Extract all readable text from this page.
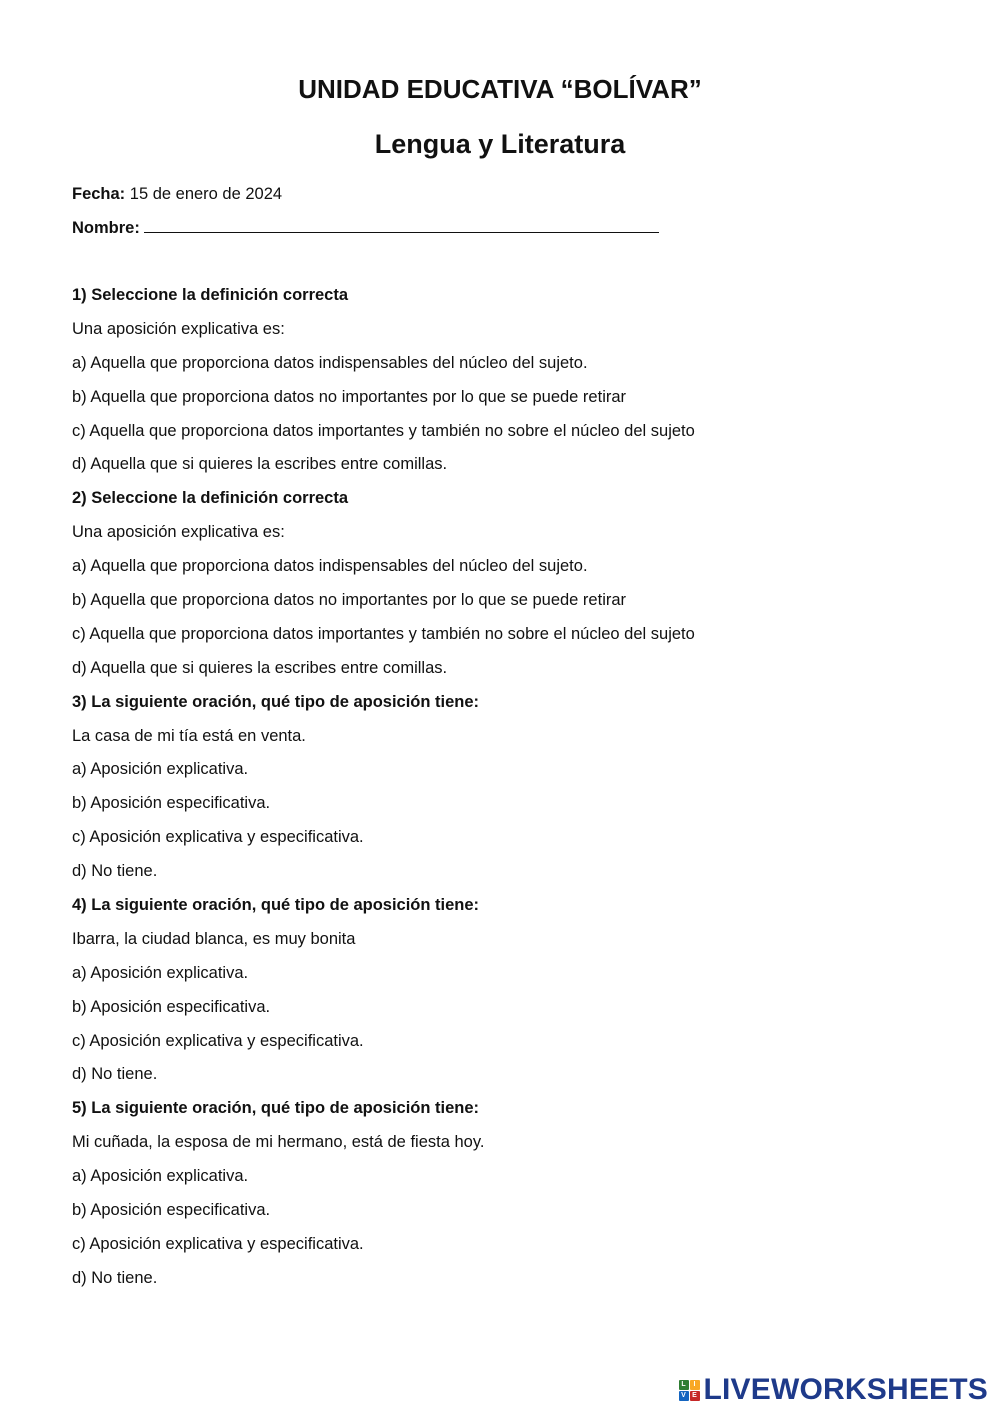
UNIDAD EDUCATIVA “BOLÍVAR”
Lengua y Literatura
Fecha: 15 de enero de 2024
Nombre:
1) Seleccione la definición correcta
Una aposición explicativa es:
a) Aquella que proporciona datos indispensables del núcleo del sujeto.
b) Aquella que proporciona datos no importantes por lo que se puede retirar
c) Aquella que proporciona datos importantes y también no sobre el núcleo del sujeto
d) Aquella que si quieres la escribes entre comillas.
2) Seleccione la definición correcta
Una aposición explicativa es:
a) Aquella que proporciona datos indispensables del núcleo del sujeto.
b) Aquella que proporciona datos no importantes por lo que se puede retirar
c) Aquella que proporciona datos importantes y también no sobre el núcleo del sujeto
d) Aquella que si quieres la escribes entre comillas.
3) La siguiente oración, qué tipo de aposición tiene:
La casa de mi tía está en venta.
a) Aposición explicativa.
b) Aposición especificativa.
c) Aposición explicativa y especificativa.
d) No tiene.
4) La siguiente oración, qué tipo de aposición tiene:
Ibarra, la ciudad blanca, es muy bonita
a) Aposición explicativa.
b) Aposición especificativa.
c) Aposición explicativa y especificativa.
d) No tiene.
5) La siguiente oración, qué tipo de aposición tiene:
Mi cuñada, la esposa de mi hermano, está de fiesta hoy.
a) Aposición explicativa.
b) Aposición especificativa.
c) Aposición explicativa y especificativa.
d) No tiene.
L	I
V E LIVEWORKSHEETS
